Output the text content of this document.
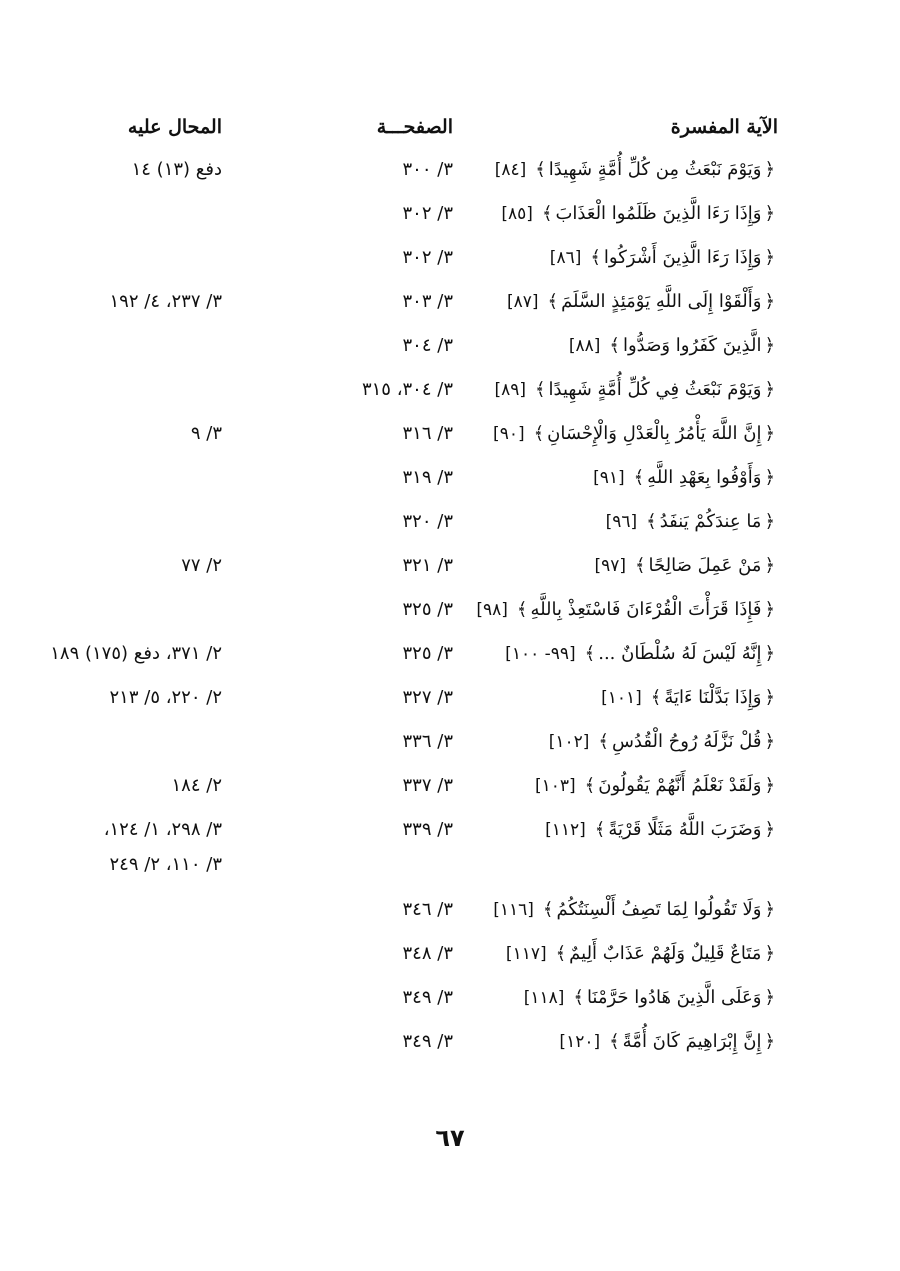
الآية المفسرة
الصفحـــة
المحال عليه
﴿وَيَوْمَ نَبْعَثُ مِن كُلِّ أُمَّةٍ شَهِيدًا﴾[٨٤]
٣/ ٣٠٠
دفع (١٣) ١٤
﴿وَإِذَا رَءَا الَّذِينَ ظَلَمُوا الْعَذَابَ﴾[٨٥]
٣/ ٣٠٢
﴿وَإِذَا رَءَا الَّذِينَ أَشْرَكُوا﴾[٨٦]
٣/ ٣٠٢
﴿وَأَلْقَوْا إِلَى اللَّهِ يَوْمَئِذٍ السَّلَمَ﴾[٨٧]
٣/ ٣٠٣
٣/ ٢٣٧، ٤/ ١٩٢
﴿الَّذِينَ كَفَرُوا وَصَدُّوا﴾[٨٨]
٣/ ٣٠٤
﴿وَيَوْمَ نَبْعَثُ فِي كُلِّ أُمَّةٍ شَهِيدًا﴾[٨٩]
٣/ ٣٠٤، ٣١٥
﴿إِنَّ اللَّهَ يَأْمُرُ بِالْعَدْلِ وَالْإِحْسَانِ﴾[٩٠]
٣/ ٣١٦
٣/ ٩
﴿وَأَوْفُوا بِعَهْدِ اللَّهِ﴾[٩١]
٣/ ٣١٩
﴿مَا عِندَكُمْ يَنفَدُ﴾[٩٦]
٣/ ٣٢٠
﴿مَنْ عَمِلَ صَالِحًا﴾[٩٧]
٣/ ٣٢١
٢/ ٧٧
﴿فَإِذَا قَرَأْتَ الْقُرْءَانَ فَاسْتَعِذْ بِاللَّهِ﴾[٩٨]
٣/ ٣٢٥
﴿إِنَّهُ لَيْسَ لَهُ سُلْطَانٌ ...﴾[٩٩- ١٠٠]
٣/ ٣٢٥
٢/ ٣٧١، دفع (١٧٥) ١٨٩
﴿وَإِذَا بَدَّلْنَا ءَايَةً﴾[١٠١]
٣/ ٣٢٧
٢/ ٢٢٠، ٥/ ٢١٣
﴿قُلْ نَزَّلَهُ رُوحُ الْقُدُسِ﴾[١٠٢]
٣/ ٣٣٦
﴿وَلَقَدْ نَعْلَمُ أَنَّهُمْ يَقُولُونَ﴾[١٠٣]
٣/ ٣٣٧
٢/ ١٨٤
﴿وَضَرَبَ اللَّهُ مَثَلًا قَرْيَةً﴾[١١٢]
٣/ ٣٣٩
٣/ ٢٩٨، ١/ ١٢٤،
٣/ ١١٠، ٢/ ٢٤٩
﴿وَلَا تَقُولُوا لِمَا تَصِفُ أَلْسِنَتُكُمُ﴾[١١٦]
٣/ ٣٤٦
﴿مَتَاعٌ قَلِيلٌ وَلَهُمْ عَذَابٌ أَلِيمٌ﴾[١١٧]
٣/ ٣٤٨
﴿وَعَلَى الَّذِينَ هَادُوا حَرَّمْنَا﴾[١١٨]
٣/ ٣٤٩
﴿إِنَّ إِبْرَاهِيمَ كَانَ أُمَّةً﴾[١٢٠]
٣/ ٣٤٩
٦٧
